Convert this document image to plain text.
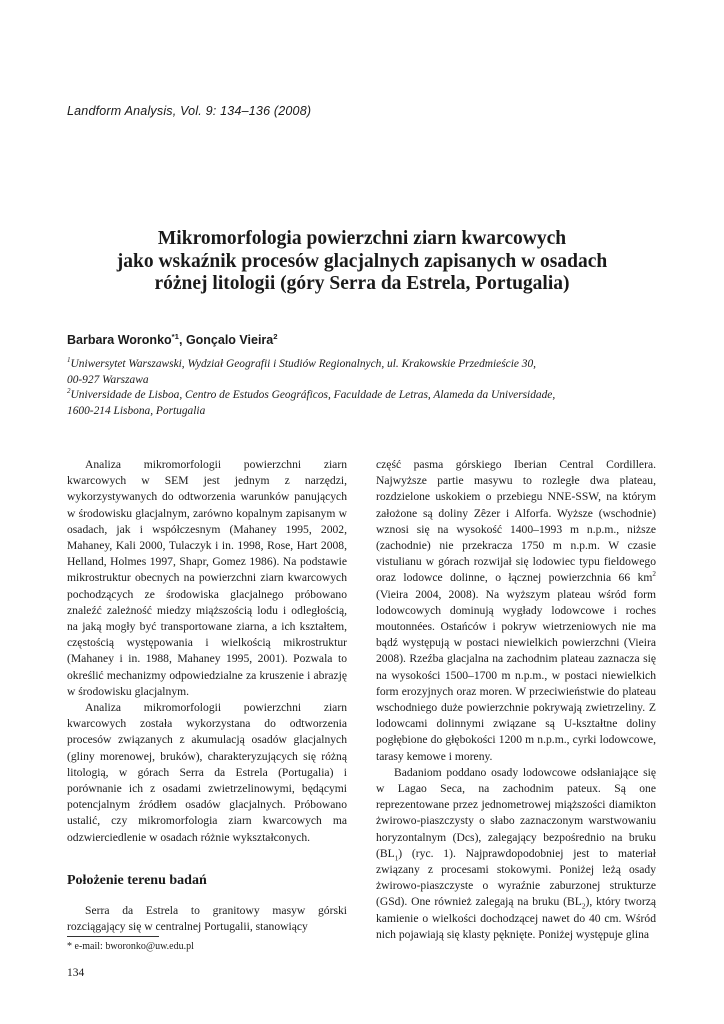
Landform Analysis, Vol. 9: 134–136 (2008)
Mikromorfologia powierzchni ziarn kwarcowych
jako wskaźnik procesów glacjalnych zapisanych w osadach
różnej litologii (góry Serra da Estrela, Portugalia)

Barbara Woronko$^{*1}$, Gonçalo Vieira$^2$

$^1$Uniwersytet Warszawski, Wydział Geografii i Studiów Regionalnych, ul. Krakowskie Przedmieście 30,
00-927 Warszawa

$^2$Universidade de Lisboa, Centro de Estudos Geográficos, Faculdade de Letras, Alameda da Universidade,
1600-214 Lisbona, Portugalia

Analiza mikromorfologii powierzchni ziarn kwarcowych w SEM jest jednym z narzędzi, wykorzystywanych do odtworzenia warunków panujących w środowisku glacjalnym, zarówno kopalnym zapisanym w osadach, jak i współczesnym (Mahaney 1995, 2002, Mahaney, Kali 2000, Tulaczyk i in. 1998, Rose, Hart 2008, Helland, Holmes 1997, Shapr, Gomez 1986). Na podstawie mikrostruktur obecnych na powierzchni ziarn kwarcowych pochodzących ze środowiska glacjalnego próbowano znaleźć zależność miedzy miąższością lodu i odległością, na jaką mogły być transportowane ziarna, a ich kształtem, częstością występowania i wielkością mikrostruktur (Mahaney i in. 1988, Mahaney 1995, 2001). Pozwala to określić mechanizmy odpowiedzialne za kruszenie i abrazję w środowisku glacjalnym.

Analiza mikromorfologii powierzchni ziarn kwarcowych została wykorzystana do odtworzenia procesów związanych z akumulacją osadów glacjalnych (gliny morenowej, bruków), charakteryzujących się różną litologią, w górach Serra da Estrela (Portugalia) i porównanie ich z osadami zwietrzelinowymi, będącymi potencjalnym źródłem osadów glacjalnych. Próbowano ustalić, czy mikromorfologia ziarn kwarcowych ma odzwierciedlenie w osadach różnie wykształconych.

Położenie terenu badań

Serra da Estrela to granitowy masyw górski rozciągający się w centralnej Portugalii, stanowiący

część pasma górskiego Iberian Central Cordillera. Najwyższe partie masywu to rozległe dwa plateau, rozdzielone uskokiem o przebiegu NNE-SSW, na którym założone są doliny Zêzer i Alforfa. Wyższe (wschodnie) wznosi się na wysokość 1400–1993 m n.p.m., niższe (zachodnie) nie przekracza 1750 m n.p.m. W czasie vistulianu w górach rozwijał się lodowiec typu fieldowego oraz lodowce dolinne, o łącznej powierzchnia 66 $km^2$ (Vieira 2004, 2008). Na wyższym plateau wśród form lodowcowych dominują wygłady lodowcowe i roches moutonnées. Ostańców i pokryw wietrzeniowych nie ma bądź występują w postaci niewielkich powierzchni (Vieira 2008). Rzeźba glacjalna na zachodnim plateau zaznacza się na wysokości 1500–1700 m n.p.m., w postaci niewielkich form erozyjnych oraz moren. W przeciwieństwie do plateau wschodniego duże powierzchnie pokrywają zwietrzeliny. Z lodowcami dolinnymi związane są U-kształtne doliny pogłębione do głębokości 1200 m n.p.m., cyrki lodowcowe, tarasy kemowe i moreny.

Badaniom poddano osady lodowcowe odsłaniające się w Lagao Seca, na zachodnim pateux. Są one reprezentowane przez jednometrowej miąższości diamikton żwirowo-piaszczysty o słabo zaznaczonym warstwowaniu horyzontalnym (Dcs), zalegający bezpośrednio na bruku $(BL_1)$ (ryc. 1). Najprawdopodobniej jest to materiał związany z procesami stokowymi. Poniżej leżą osady żwirowo-piaszczyste o wyraźnie zaburzonej strukturze (GSd). One również zalegają na bruku $(BL_2)$, który tworzą kamienie o wielkości dochodzącej nawet do 40 cm. Wśród nich pojawiają się klasty pęknięte. Poniżej występuje glina

* e-mail: bworonko@uw.edu.pl
134
